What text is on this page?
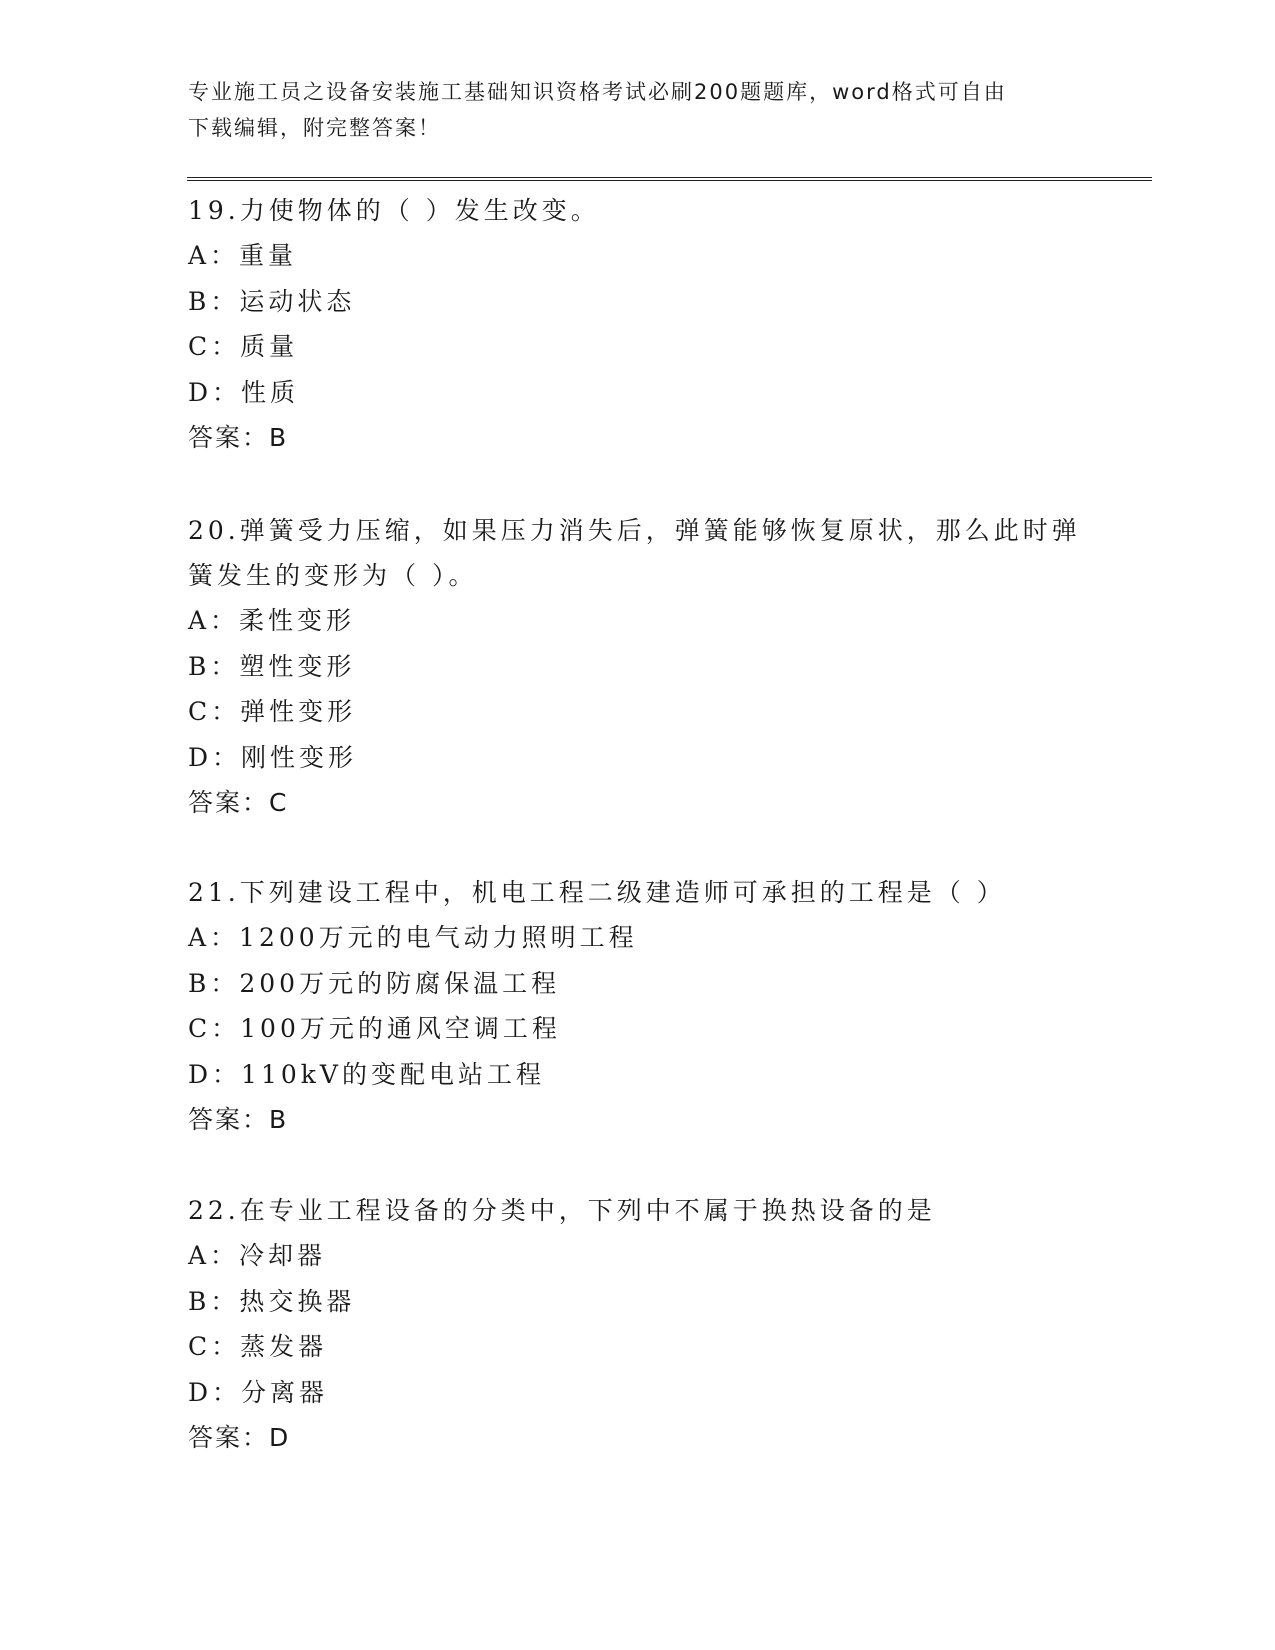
专业施工员之设备安装施工基础知识资格考试必刷200题题库，word格式可自由
下载编辑，附完整答案！
19.力使物体的（ ）发生改变。
A：重量
B：运动状态
C：质量
D：性质
答案：B
20.弹簧受力压缩，如果压力消失后，弹簧能够恢复原状，那么此时弹
簧发生的变形为（ ）。
A：柔性变形
B：塑性变形
C：弹性变形
D：刚性变形
答案：C
21.下列建设工程中，机电工程二级建造师可承担的工程是（ ）
A：1200万元的电气动力照明工程
B：200万元的防腐保温工程
C：100万元的通风空调工程
D：110kV的变配电站工程
答案：B
22.在专业工程设备的分类中，下列中不属于换热设备的是
A：冷却器
B：热交换器
C：蒸发器
D：分离器
答案：D
